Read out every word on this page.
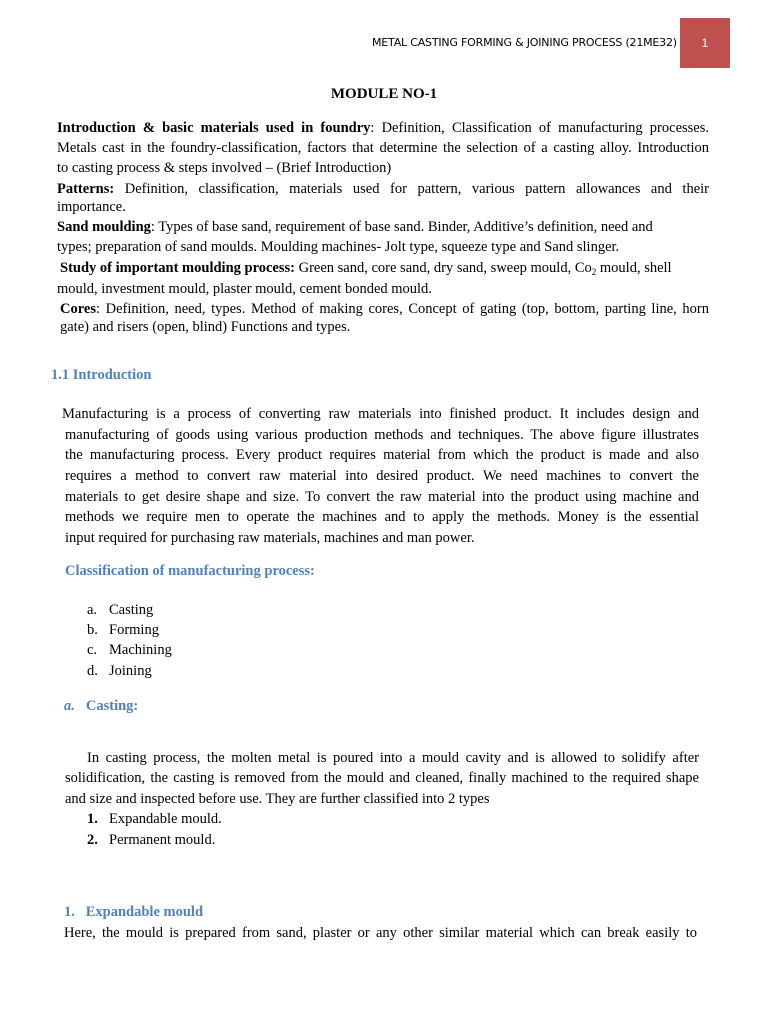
METAL CASTING FORMING & JOINING PROCESS (21ME32)	1
MODULE NO-1
Introduction & basic materials used in foundry: Definition, Classification of manufacturing processes.
Metals cast in the foundry-classification, factors that determine the selection of a casting alloy. Introduction
to casting process & steps involved – (Brief Introduction)
Patterns: Definition, classification, materials used for pattern, various pattern allowances and their
importance.
Sand moulding: Types of base sand, requirement of base sand. Binder, Additive’s definition, need and
types; preparation of sand moulds. Moulding machines- Jolt type, squeeze type and Sand slinger.
Study of important moulding process: Green sand, core sand, dry sand, sweep mould, $Co_2$ mould, shell
mould, investment mould, plaster mould, cement bonded mould.
Cores: Definition, need, types. Method of making cores, Concept of gating (top, bottom, parting line, horn
gate) and risers (open, blind) Functions and types.
1.1 Introduction
Manufacturing is a process of converting raw materials into finished product. It includes design and
manufacturing of goods using various production methods and techniques. The above figure illustrates
the manufacturing process. Every product requires material from which the product is made and also
requires a method to convert raw material into desired product. We need machines to convert the
materials to get desire shape and size. To convert the raw material into the product using machine and
methods we require men to operate the machines and to apply the methods. Money is the essential
input required for purchasing raw materials, machines and man power.
Classification of manufacturing process:
a. Casting
b. Forming
c. Machining
d. Joining
a. Casting:
In casting process, the molten metal is poured into a mould cavity and is allowed to solidify after
solidification, the casting is removed from the mould and cleaned, finally machined to the required shape
and size and inspected before use. They are further classified into 2 types
1. Expandable mould.
2. Permanent mould.
1.   Expandable mould
Here, the mould is prepared from sand, plaster or any other similar material which can break easily to
